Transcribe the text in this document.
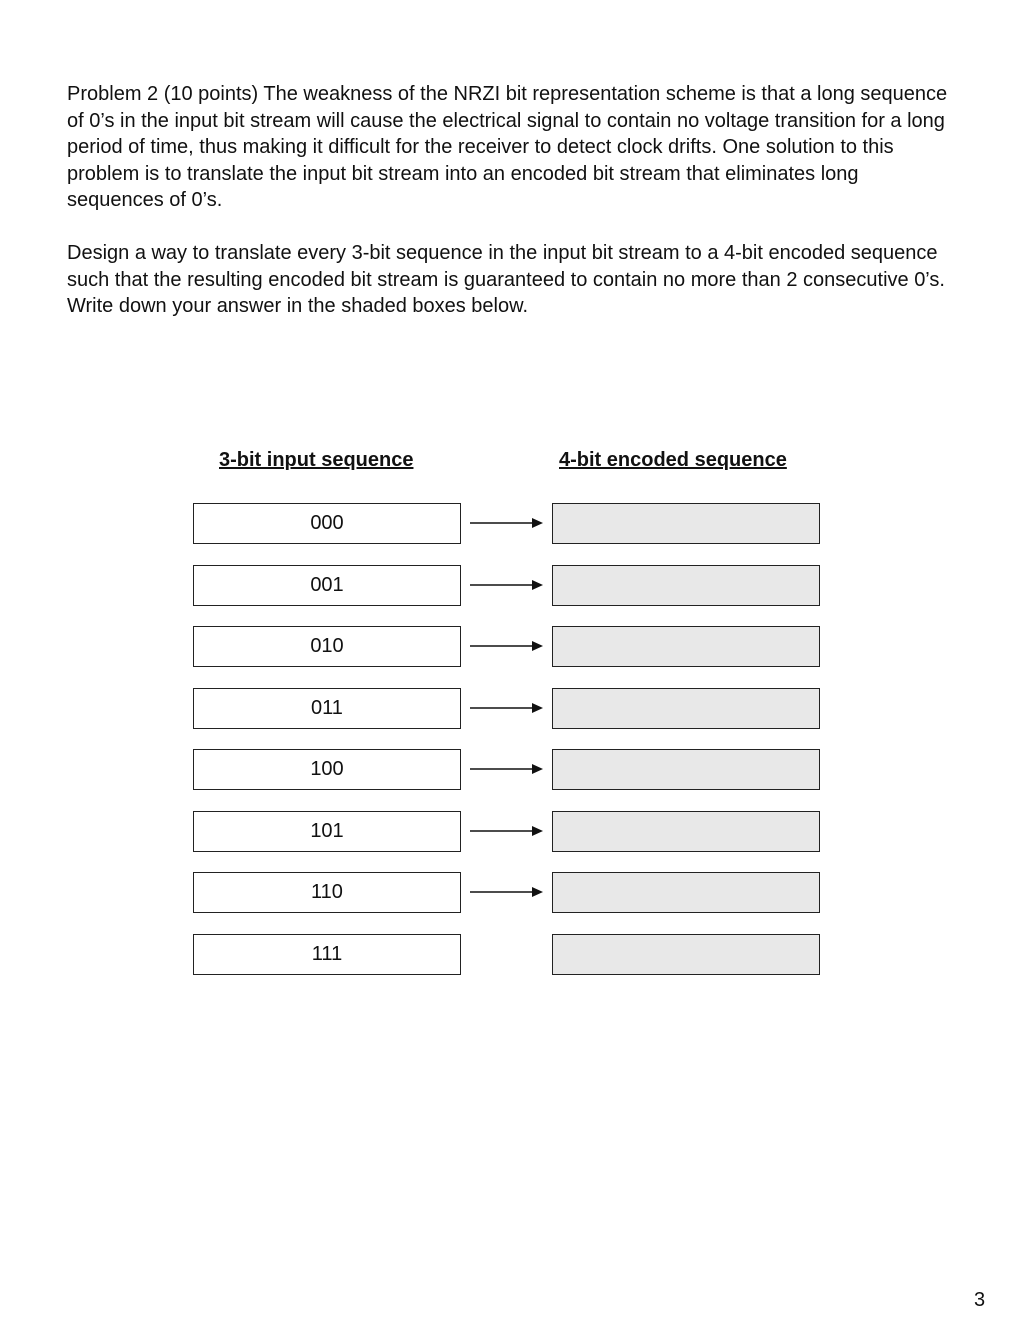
Problem 2 (10 points) The weakness of the NRZI bit representation scheme is that a long sequence of 0’s in the input bit stream will cause the electrical signal to contain no voltage transition for a long period of time, thus making it difficult for the receiver to detect clock drifts. One solution to this problem is to translate the input bit stream into an encoded bit stream that eliminates long sequences of 0’s.

Design a way to translate every 3-bit sequence in the input bit stream to a 4-bit encoded sequence such that the resulting encoded bit stream is guaranteed to contain no more than 2 consecutive 0’s. Write down your answer in the shaded boxes below.

3-bit input sequence	4-bit encoded sequence
000
001
010
011
100
101
110
111
3
